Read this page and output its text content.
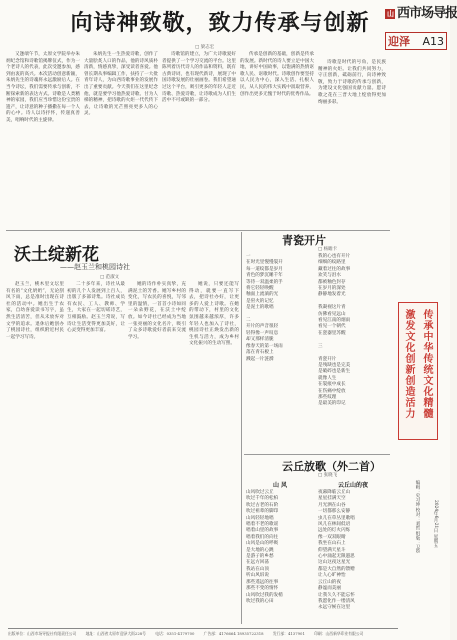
向诗神致敬，致力传承与创新
□ 梁志宏
山 西市场导报
迎泽 A13

又逢端午节，太原文学院举办朱炳纪念馆和诗歌馆揭牌仪式，作为一个老诗人的代表，此次受邀参加，感到由衷的高兴。本次活动创意新颖，朱炳先生的诗魂将永远激励后人。在当今诗坛，我们需要传承与创新，不断探索新的表达方式。诗歌是人类精神的家园，我们应当珍惜这份宝贵的遗产，让诗意的种子播撒在每一个人的心中。诗人以诗抒怀，传递真善美，唱响时代的主旋律。

朱炳先生一生热爱诗歌，创作了大量脍炙人口的作品，他的诗风质朴清新，情感真挚，深受读者喜爱。他曾长期从事编辑工作，扶持了一大批青年诗人，为山西诗歌事业的发展作出了重要贡献。今天我们在这里纪念他，就是要学习他热爱诗歌、甘为人梯的精神，把诗歌的火炬一代代传下去，让诗歌的光芒照亮更多人的心灵。

诗歌馆的建立，为广大诗歌爱好者提供了一个学习交流的平台。这里陈列着历代诗人的作品和资料，既有古典诗词，也有现代新诗，展现了中国诗歌发展的壮丽画卷。我们希望通过这个平台，吸引更多的年轻人走近诗歌、热爱诗歌，让诗歌成为人们生活中不可或缺的一部分。

传承是创新的基础，创新是传承的发展。新时代的诗人要立足中国大地，讲好中国故事，以饱满的热情讴歌人民、讴歌时代。诗歌创作要坚持以人民为中心，深入生活、扎根人民，从人民的伟大实践中汲取营养，创作出更多无愧于时代的优秀作品。

诗歌是时代的号角，是民族精神的火炬。让我们共同努力，守正创新，砥砺前行，向诗神致敬，致力于诗歌的传承与创新，为建设文化强国贡献力量。愿诗歌之花在三晋大地上绽放得更加绚丽多彩。

沃土绽新花
——赵玉兰和桃园诗社
□ 范淑文

赵玉兰，桃木里文坛里有名的“文化奶奶”，无论刮风下雨，总是准时出现在诗社的活动中。她出生于农家，自幼喜爱读书写字，虽然生活清苦，但从未放弃对文学的追求。退休后她创办了桃园诗社，组织附近村民一起学习写诗。

二十多年来，诗社从最初的几个人发展到上百人，出版了多部诗集。诗社成员有农民、工人、教师、学生，大家在一起切磋诗艺，互相鼓励。赵玉兰常说，写诗让生活变得更加美好，让心灵变得更加丰富。

她的诗作朴实真挚，充满泥土的芳香。她写乡村的变化，写农民的喜悦，写邻里的温情，一首首小诗如同一朵朵野花，在沃土中绽放。如今诗社已经成为当地一张亮丽的文化名片，吸引了众多诗歌爱好者前来交流学习。

她说，只要还能写得动，就要一直写下去，把诗社办好，让更多的人爱上诗歌。在她的带动下，村里的文化氛围越来越浓厚，许多年轻人也加入了诗社，桃园诗社正焕发出新的生机与活力，成为乡村文化振兴的生动写照。

青瓷开片
□ 杨瞻卡
一
在时光里慢慢裂开
每一道纹都是岁月
青色的梦沉睡千年
等待一双温柔的手
将它轻轻唤醒
釉面上流淌的光
是窑火的记忆
是泥土的歌唱

二
开片的声音很轻
轻得像一声叹息
却又那样清脆
像春天的第一场雨
落在青石板上
溅起一片涟漪
我的心也有开片
细细的纹路里
藏着过往的故事
欢笑与泪水
都被釉色封存
在岁月的深处
静静地发着光

我凝视这片青
仿佛看见远山
看见江南的烟雨
看见一个朝代
在瓷器里苏醒

三

青瓷开片
是残缺也是完美
是破碎也是新生
就像人生
在裂痕中成长
在伤痛中绽放
那些纹理
是最美的印记
云丘放歌（外二首）
□ 张晓飞
山 风	云丘山的夜
山风吹过云丘
吹过千年的松柏
吹过古老的石阶
吹过祖辈的脚印
山风轻轻地唱
唱着不老的歌谣
唱着山里的故事
唱着我们的向往
山风是山的呼吸
是大地的心跳
是游子的乡愁
在远方回荡
我站在山顶
听山风诉说
那些遥远的往事
那些不变的情怀
山风吹过我的发梢
吹过我的心田
夜幕降临云丘山
星星挂满天空
月光洒在山谷
一切都那么安静
虫儿在草丛里歌唱
风儿在林间低语
远处的灯火闪烁
像一双双眼睛
我坐在山石上
仰望满天星斗
心中涌起无限遐思
这山这夜这星光
都是大自然的馈赠
让人心旷神怡
云丘山的夜
静谧而美丽
让我久久不能忘怀
我愿化作一缕清风
永远守候在这里
传承中华传统文化精髓
激发文化创新创造活力
编辑：史习坤 校对：刘哲 组版：卫娇	2024年6月21日 星期五
出版单位：山西市场导报社有限责任公司 地址：山西省太原市迎泽大街228号 电话：0351-4179700 广告部：4176664 18935722318 发行部：4137901 印刷：山西新华印业有限公司
